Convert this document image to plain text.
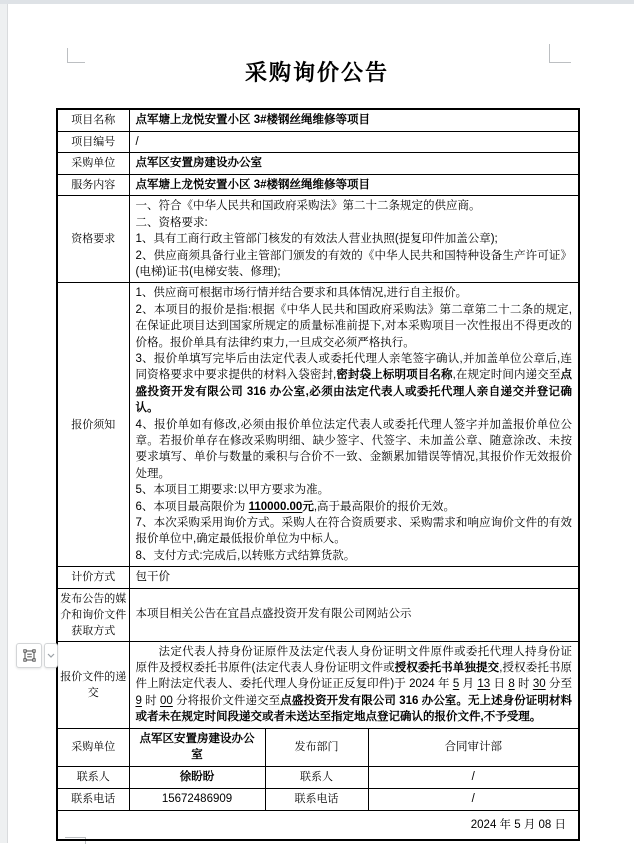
采购询价公告
项目名称	点军塘上龙悦安置小区 3#楼钢丝绳维修等项目		

项目编号	/		

采购单位	点军区安置房建设办公室		

服务内容	点军塘上龙悦安置小区 3#楼钢丝绳维修等项目		

资格要求	一、符合《中华人民共和国政府采购法》第二十二条规定的供应商。
二、资格要求:
1、具有工商行政主管部门核发的有效法人营业执照(提复印件加盖公章);
2、供应商须具备行业主管部门颁发的有效的《中华人民共和国特种设备生产许可证》(电梯)证书(电梯安装、修理);		

报价须知	
1、供应商可根据市场行情并结合要求和具体情况,进行自主报价。
2、本项目的报价是指:根据《中华人民共和国政府采购法》第二章第二十二条的规定,在保证此项目达到国家所规定的质量标准前提下,对本采购项目一次性报出不得更改的价格。报价单具有法律约束力,一旦成交必须严格执行。
3、报价单填写完毕后由法定代表人或委托代理人亲笔签字确认,并加盖单位公章后,连同资格要求中要求提供的材料入袋密封,密封袋上标明项目名称,在规定时间内递交至点盛投资开发有限公司 316 办公室,必须由法定代表人或委托代理人亲自递交并登记确认。
4、报价单如有修改,必须由报价单位法定代表人或委托代理人签字并加盖报价单位公章。若报价单存在修改采购明细、缺少签字、代签字、未加盖公章、随意涂改、未按要求填写、单价与数量的乘积与合价不一致、金额累加错误等情况,其报价作无效报价处理。
5、本项目工期要求:以甲方要求为准。
6、本项目最高限价为 110000.00元,高于最高限价的报价无效。
7、本次采购采用询价方式。采购人在符合资质要求、采购需求和响应询价文件的有效报价单位中,确定最低报价单位为中标人。
8、支付方式:完成后,以转账方式结算货款。

计价方式	包干价		

发布公告的媒介和询价文件获取方式	本项目相关公告在宜昌点盛投资开发有限公司网站公示		

报价文件的递交	法定代表人持身份证原件及法定代表人身份证明文件原件或委托代理人持身份证原件及授权委托书原件(法定代表人身份证明文件或授权委托书单独提交,授权委托书原件上附法定代表人、委托代理人身份证正反复印件)于 2024 年 5 月 13 日 8 时 30 分至 9 时 00 分将报价文件递交至点盛投资开发有限公司 316 办公室。无上述身份证明材料或者未在规定时间段递交或者未送达至指定地点登记确认的报价文件,不予受理。		

采购单位	点军区安置房建设办公室	发布部门	合同审计部
联系人	徐盼盼	联系人	/
联系电话	15672486909	联系电话	/
2024 年 5 月 08 日			
